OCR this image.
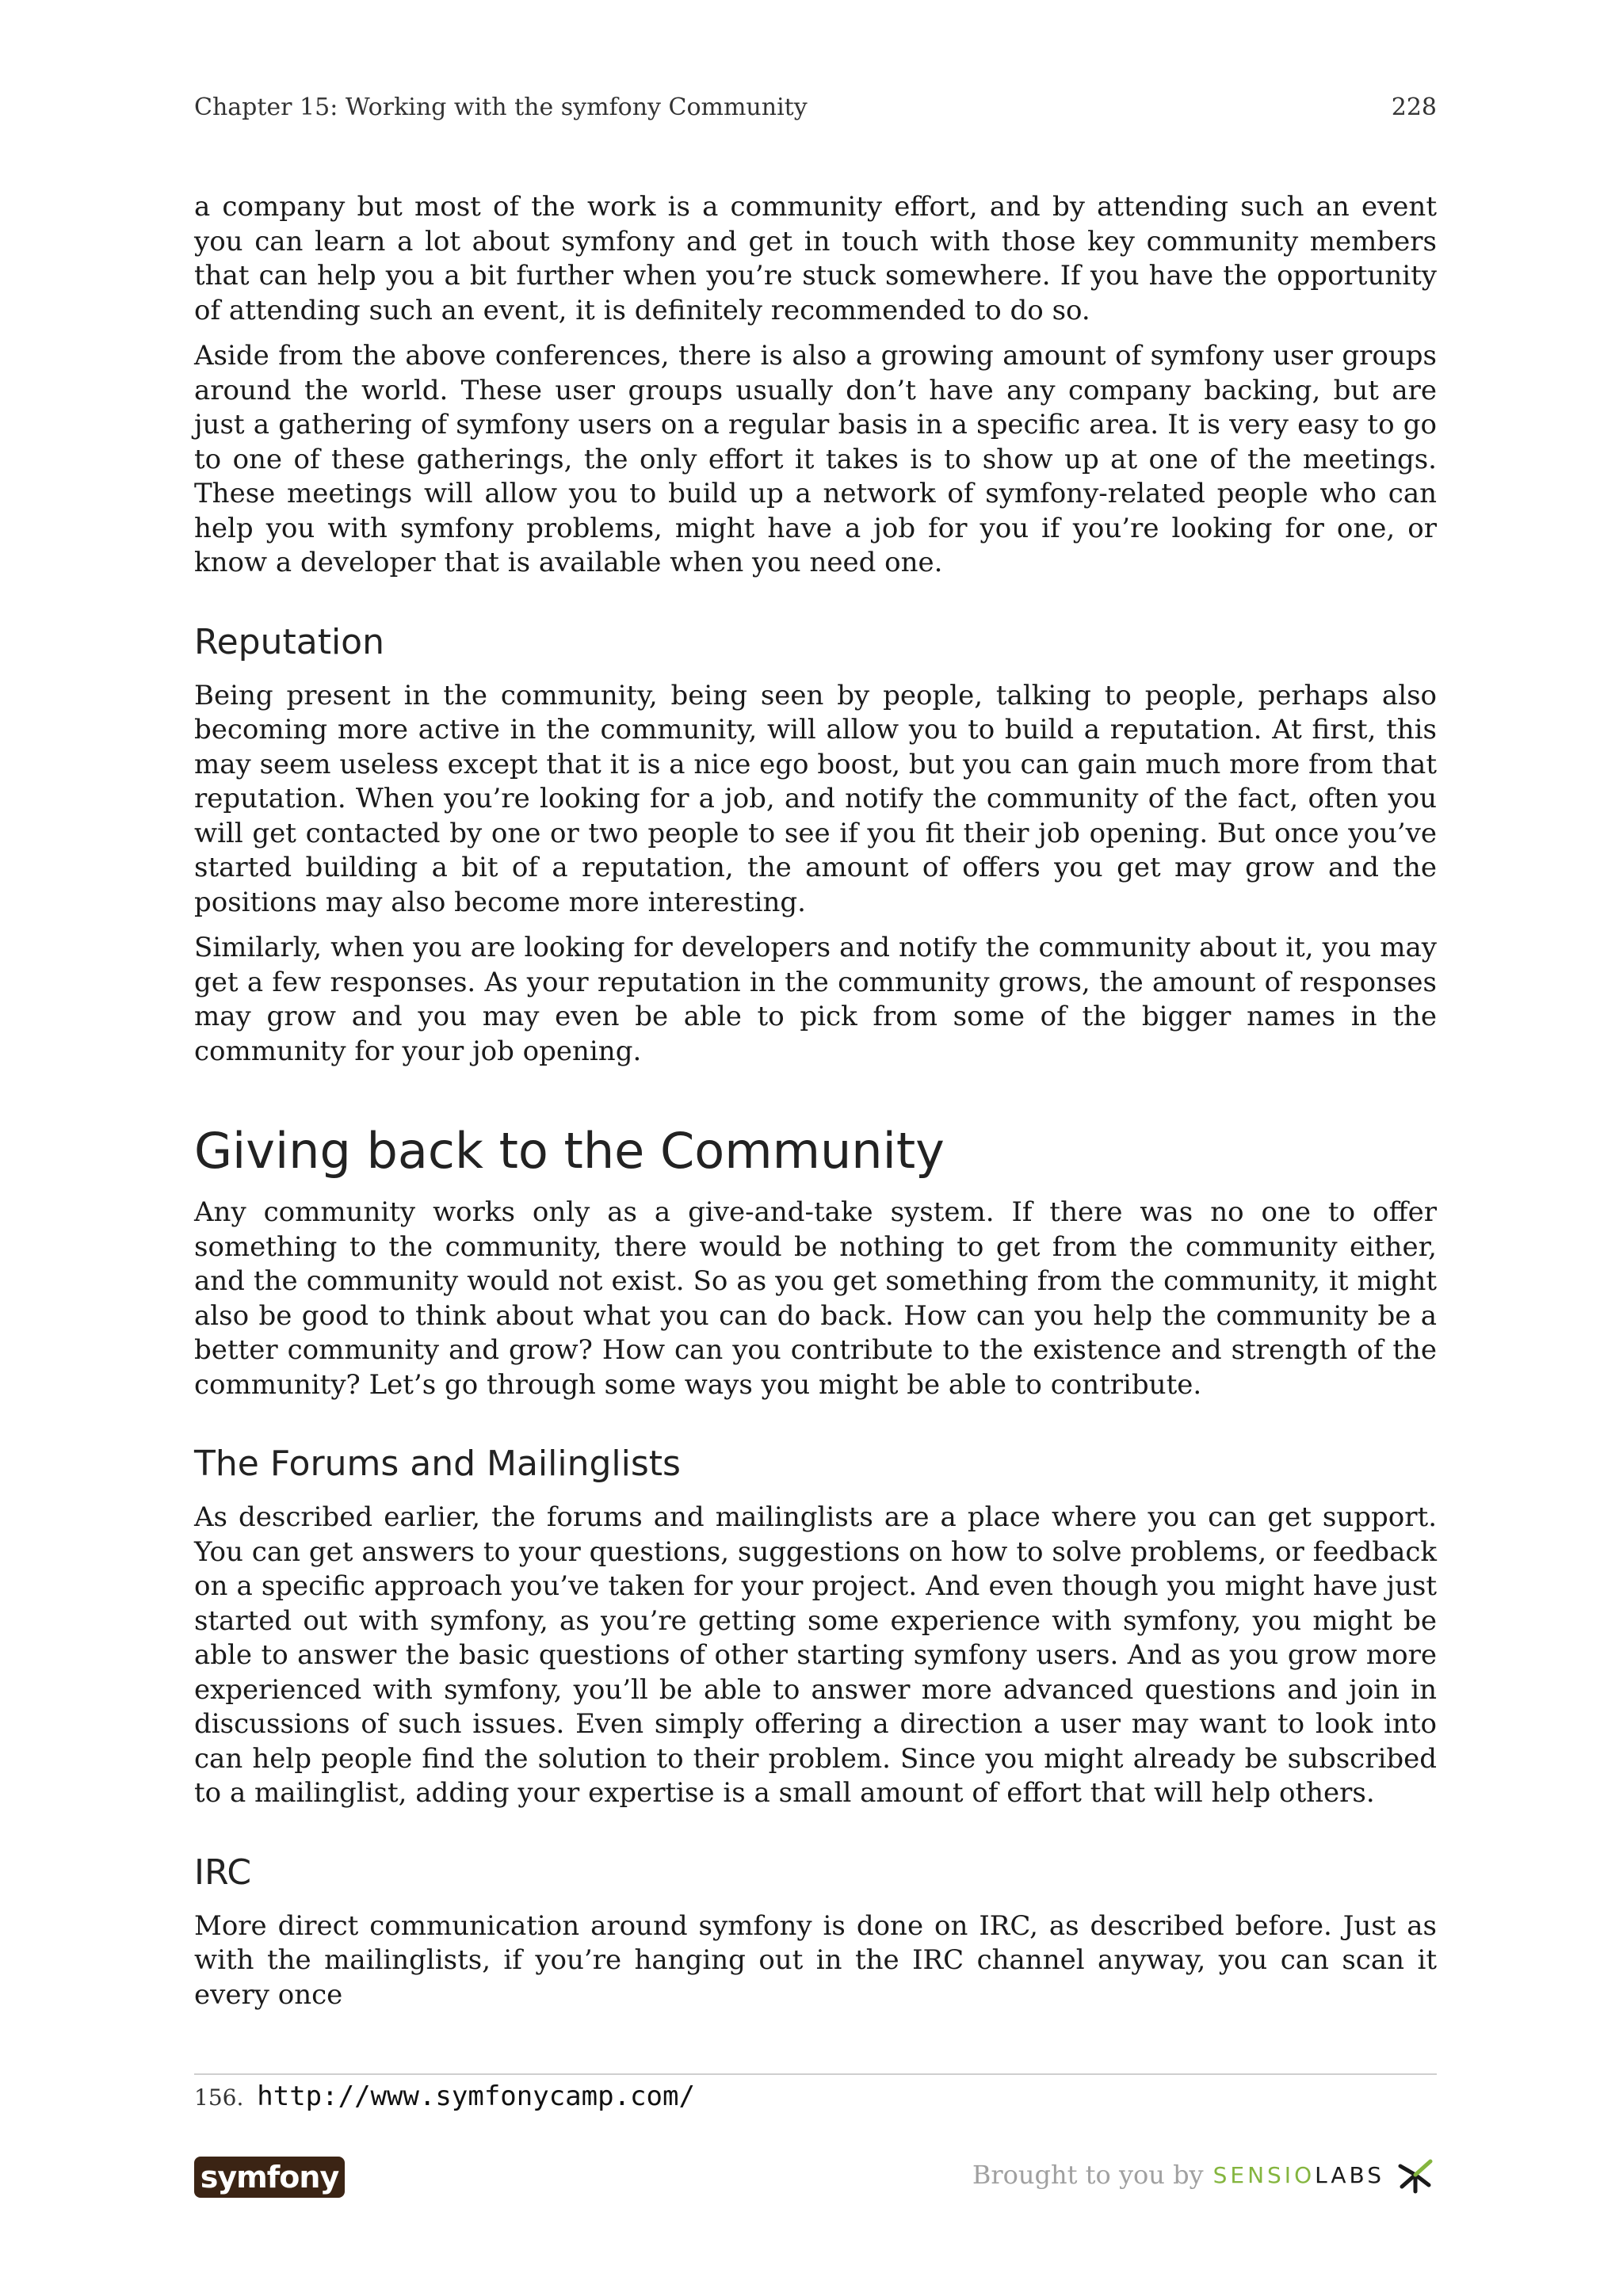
Chapter 15: Working with the symfony Community	228

a company but most of the work is a community effort, and by attending such an event you can learn a lot about symfony and get in touch with those key community members that can help you a bit further when you’re stuck somewhere. If you have the opportunity of attending such an event, it is definitely recommended to do so.

Aside from the above conferences, there is also a growing amount of symfony user groups around the world. These user groups usually don’t have any company backing, but are just a gathering of symfony users on a regular basis in a specific area. It is very easy to go to one of these gatherings, the only effort it takes is to show up at one of the meetings. These meetings will allow you to build up a network of symfony-related people who can help you with symfony problems, might have a job for you if you’re looking for one, or know a developer that is available when you need one.

Reputation

Being present in the community, being seen by people, talking to people, perhaps also becoming more active in the community, will allow you to build a reputation. At first, this may seem useless except that it is a nice ego boost, but you can gain much more from that reputation. When you’re looking for a job, and notify the community of the fact, often you will get contacted by one or two people to see if you fit their job opening. But once you’ve started building a bit of a reputation, the amount of offers you get may grow and the positions may also become more interesting.

Similarly, when you are looking for developers and notify the community about it, you may get a few responses. As your reputation in the community grows, the amount of responses may grow and you may even be able to pick from some of the bigger names in the community for your job opening.

Giving back to the Community

Any community works only as a give-and-take system. If there was no one to offer something to the community, there would be nothing to get from the community either, and the community would not exist. So as you get something from the community, it might also be good to think about what you can do back. How can you help the community be a better community and grow? How can you contribute to the existence and strength of the community? Let’s go through some ways you might be able to contribute.

The Forums and Mailinglists

As described earlier, the forums and mailinglists are a place where you can get support. You can get answers to your questions, suggestions on how to solve problems, or feedback on a specific approach you’ve taken for your project. And even though you might have just started out with symfony, as you’re getting some experience with symfony, you might be able to answer the basic questions of other starting symfony users. And as you grow more experienced with symfony, you’ll be able to answer more advanced questions and join in discussions of such issues. Even simply offering a direction a user may want to look into can help people find the solution to their problem. Since you might already be subscribed to a mailinglist, adding your expertise is a small amount of effort that will help others.

IRC

More direct communication around symfony is done on IRC, as described before. Just as with the mailinglists, if you’re hanging out in the IRC channel anyway, you can scan it every once

156. http://www.symfonycamp.com/
symfony	Brought to you by SENSIOLABS
